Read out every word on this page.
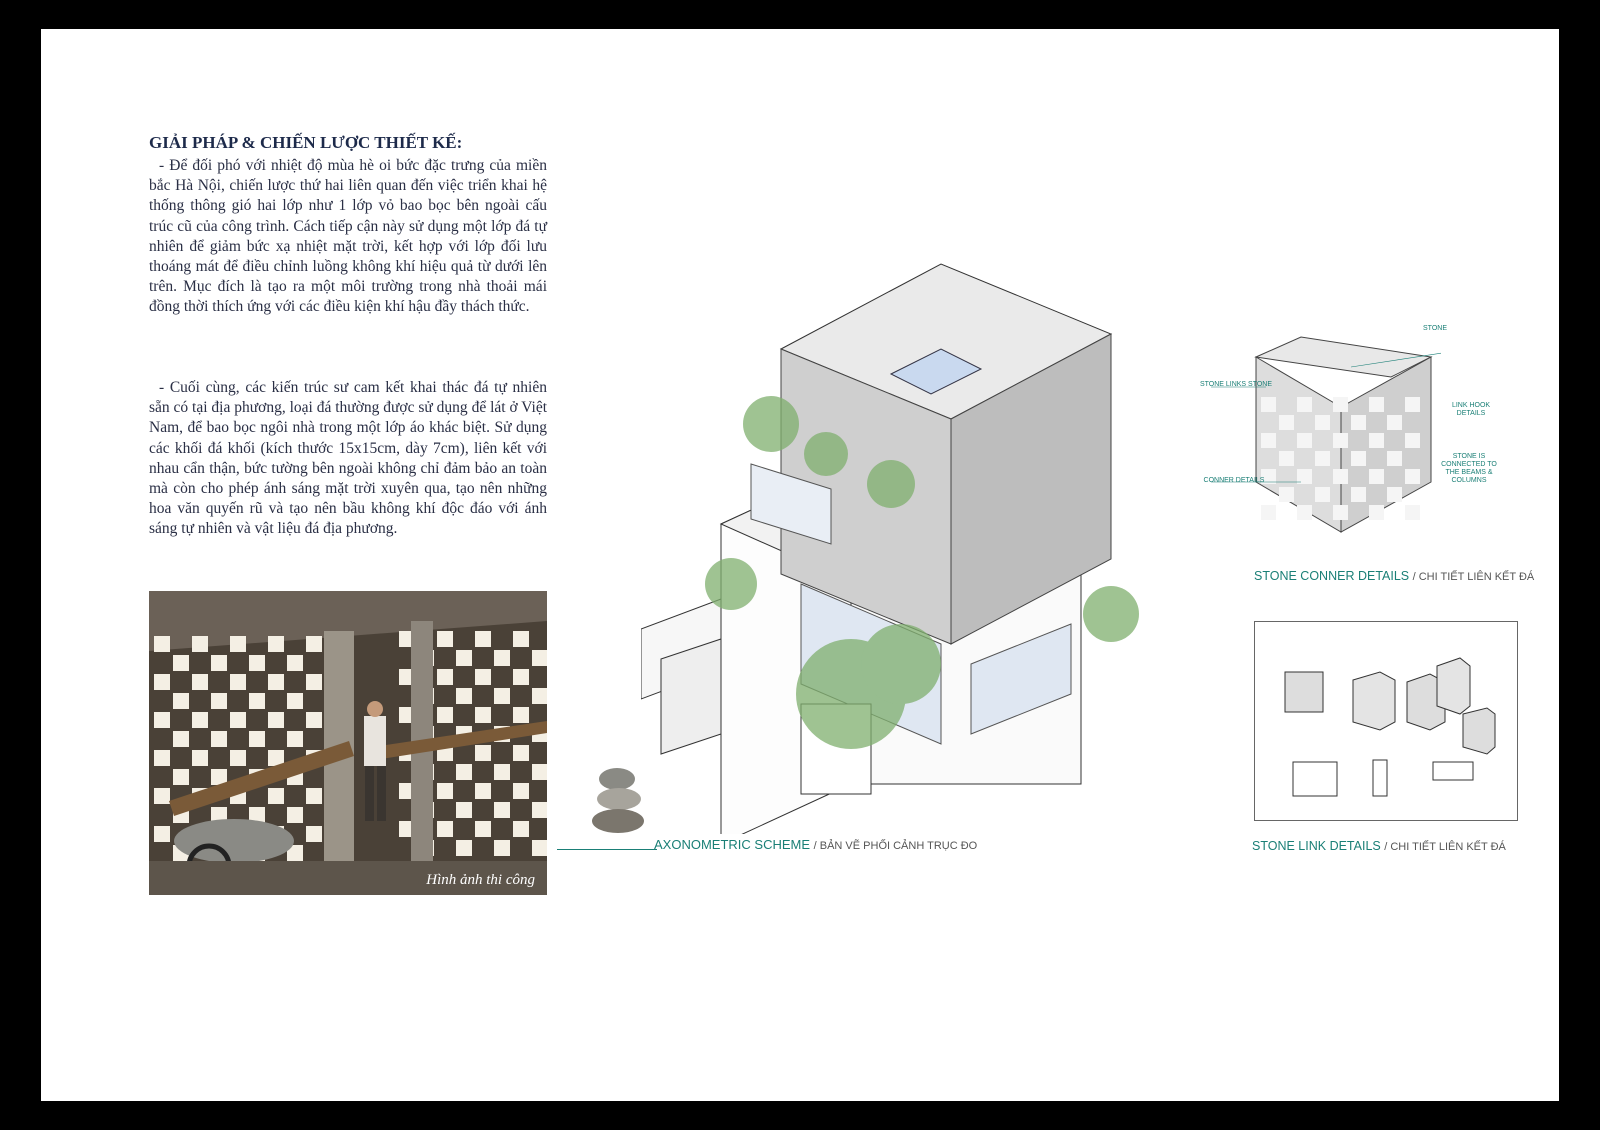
GIẢI PHÁP & CHIẾN LƯỢC THIẾT KẾ:

- Để đối phó với nhiệt độ mùa hè oi bức đặc trưng của miền bắc Hà Nội, chiến lược thứ hai liên quan đến việc triển khai hệ thống thông gió hai lớp như 1 lớp vỏ bao bọc bên ngoài cấu trúc cũ của công trình. Cách tiếp cận này sử dụng một lớp đá tự nhiên để giảm bức xạ nhiệt mặt trời, kết hợp với lớp đối lưu thoáng mát để điều chỉnh luồng không khí hiệu quả từ dưới lên trên. Mục đích là tạo ra một môi trường trong nhà thoải mái đồng thời thích ứng với các điều kiện khí hậu đầy thách thức.

- Cuối cùng, các kiến trúc sư cam kết khai thác đá tự nhiên sẵn có tại địa phương, loại đá thường được sử dụng để lát ở Việt Nam, để bao bọc ngôi nhà trong một lớp áo khác biệt. Sử dụng các khối đá khối (kích thước 15x15cm, dày 7cm), liên kết với nhau cẩn thận, bức tường bên ngoài không chỉ đảm bảo an toàn mà còn cho phép ánh sáng mặt trời xuyên qua, tạo nên những hoa văn quyến rũ và tạo nên bầu không khí độc đáo với ánh sáng tự nhiên và vật liệu đá địa phương.

Hình ảnh thi công

AXONOMETRIC SCHEME / BẢN VẼ PHỐI CẢNH TRỤC ĐO

STONE

STONE LINKS STONE

LINK HOOK DETAILS

STONE IS CONNECTED TO THE BEAMS & COLUMNS

CONNER DETAILS

STONE CONNER DETAILS / CHI TIẾT LIÊN KẾT ĐÁ

STONE LINK DETAILS / CHI TIẾT LIÊN KẾT ĐÁ
